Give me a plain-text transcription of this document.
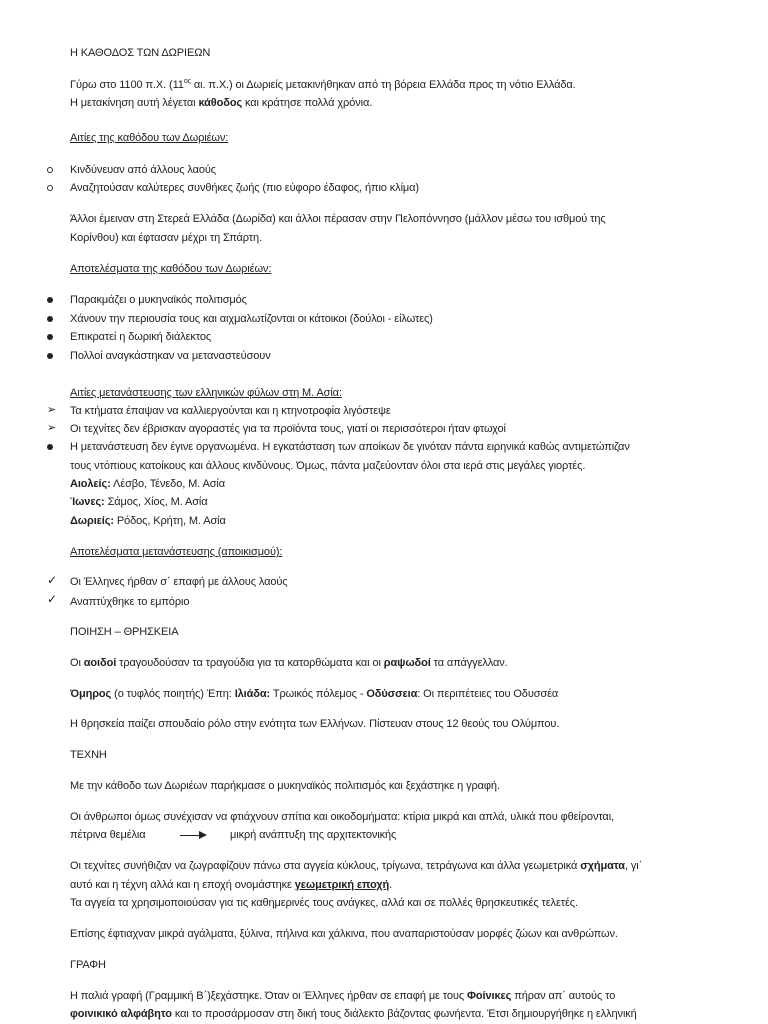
Η ΚΑΘΟΔΟΣ ΤΩΝ ΔΩΡΙΕΩΝ
Γύρω στο 1100 π.Χ. ($11^{o\varsigma}$ αι. π.Χ.) οι Δωριείς μετακινήθηκαν από τη βόρεια Ελλάδα προς τη νότιο Ελλάδα.
Η μετακίνηση αυτή λέγεται κάθοδος και κράτησε πολλά χρόνια.
Αιτίες της καθόδου των Δωριέων:
Κινδύνευαν από άλλους λαούς
Αναζητούσαν καλύτερες συνθήκες ζωής (πιο εύφορο έδαφος, ήπιο κλίμα)
Άλλοι έμειναν στη Στερεά Ελλάδα (Δωρίδα) και άλλοι πέρασαν στην Πελοπόννησο (μάλλον μέσω του ισθμού της
Κορίνθου) και έφτασαν μέχρι τη Σπάρτη.
Αποτελέσματα της καθόδου των Δωριέων:
Παρακμάζει ο μυκηναϊκός πολιτισμός
Χάνουν την περιουσία τους και αιχμαλωτίζονται οι κάτοικοι (δούλοι - είλωτες)
Επικρατεί η δωρική διάλεκτος
Πολλοί αναγκάστηκαν να μεταναστεύσουν
Αιτίες μετανάστευσης των ελληνικών φύλων στη Μ. Ασία:
➢ Τα κτήματα έπαψαν να καλλιεργούνται και η κτηνοτροφία λιγόστεψε
➢ Οι τεχνίτες δεν έβρισκαν αγοραστές για τα προϊόντα τους, γιατί οι περισσότεροι ήταν φτωχοί
Η μετανάστευση δεν έγινε οργανωμένα. Η εγκατάσταση των αποίκων δε γινόταν πάντα ειρηνικά καθώς αντιμετώπιζαν
τους ντόπιους κατοίκους και άλλους κινδύνους. Όμως, πάντα μαζεύονταν όλοι στα ιερά στις μεγάλες γιορτές.
Αιολείς: Λέσβο, Τένεδο, Μ. Ασία
Ίωνες: Σάμος, Χίος, Μ. Ασία
Δωριείς: Ρόδος, Κρήτη, Μ. Ασία
Αποτελέσματα μετανάστευσης (αποικισμού):
✓ Οι Έλληνες ήρθαν σ΄ επαφή με άλλους λαούς
✓ Αναπτύχθηκε το εμπόριο
ΠΟΙΗΣΗ – ΘΡΗΣΚΕΙΑ
Οι αοιδοί τραγουδούσαν τα τραγούδια για τα κατορθώματα και οι ραψωδοί τα απάγγελλαν.
Όμηρος (ο τυφλός ποιητής) Έπη: Ιλιάδα: Τρωικός πόλεμος - Οδύσσεια: Οι περιπέτειες του Οδυσσέα
Η θρησκεία παίζει σπουδαίο ρόλο στην ενότητα των Ελλήνων. Πίστευαν στους 12 θεούς του Ολύμπου.
ΤΕΧΝΗ
Με την κάθοδο των Δωριέων παρήκμασε ο μυκηναϊκός πολιτισμός και ξεχάστηκε η γραφή.
Οι άνθρωποι όμως συνέχισαν να φτιάχνουν σπίτια και οικοδομήματα: κτίρια μικρά και απλά, υλικά που φθείρονται,
πέτρινα θεμέλια	μικρή ανάπτυξη της αρχιτεκτονικής
Οι τεχνίτες συνήθιζαν να ζωγραφίζουν πάνω στα αγγεία κύκλους, τρίγωνα, τετράγωνα και άλλα γεωμετρικά σχήματα, γι΄
αυτό και η τέχνη αλλά και η εποχή ονομάστηκε γεωμετρική εποχή.
Τα αγγεία τα χρησιμοποιούσαν για τις καθημερινές τους ανάγκες, αλλά και σε πολλές θρησκευτικές τελετές.
Επίσης έφτιαχναν μικρά αγάλματα, ξύλινα, πήλινα και χάλκινα, που αναπαριστούσαν μορφές ζώων και ανθρώπων.
ΓΡΑΦΗ
Η παλιά γραφή (Γραμμική Β΄)ξεχάστηκε. Όταν οι Έλληνες ήρθαν σε επαφή με τους Φοίνικες πήραν απ΄ αυτούς το
φοινικικό αλφάβητο και το προσάρμοσαν στη δική τους διάλεκτο βάζοντας φωνήεντα. Έτσι δημιουργήθηκε η ελληνική
